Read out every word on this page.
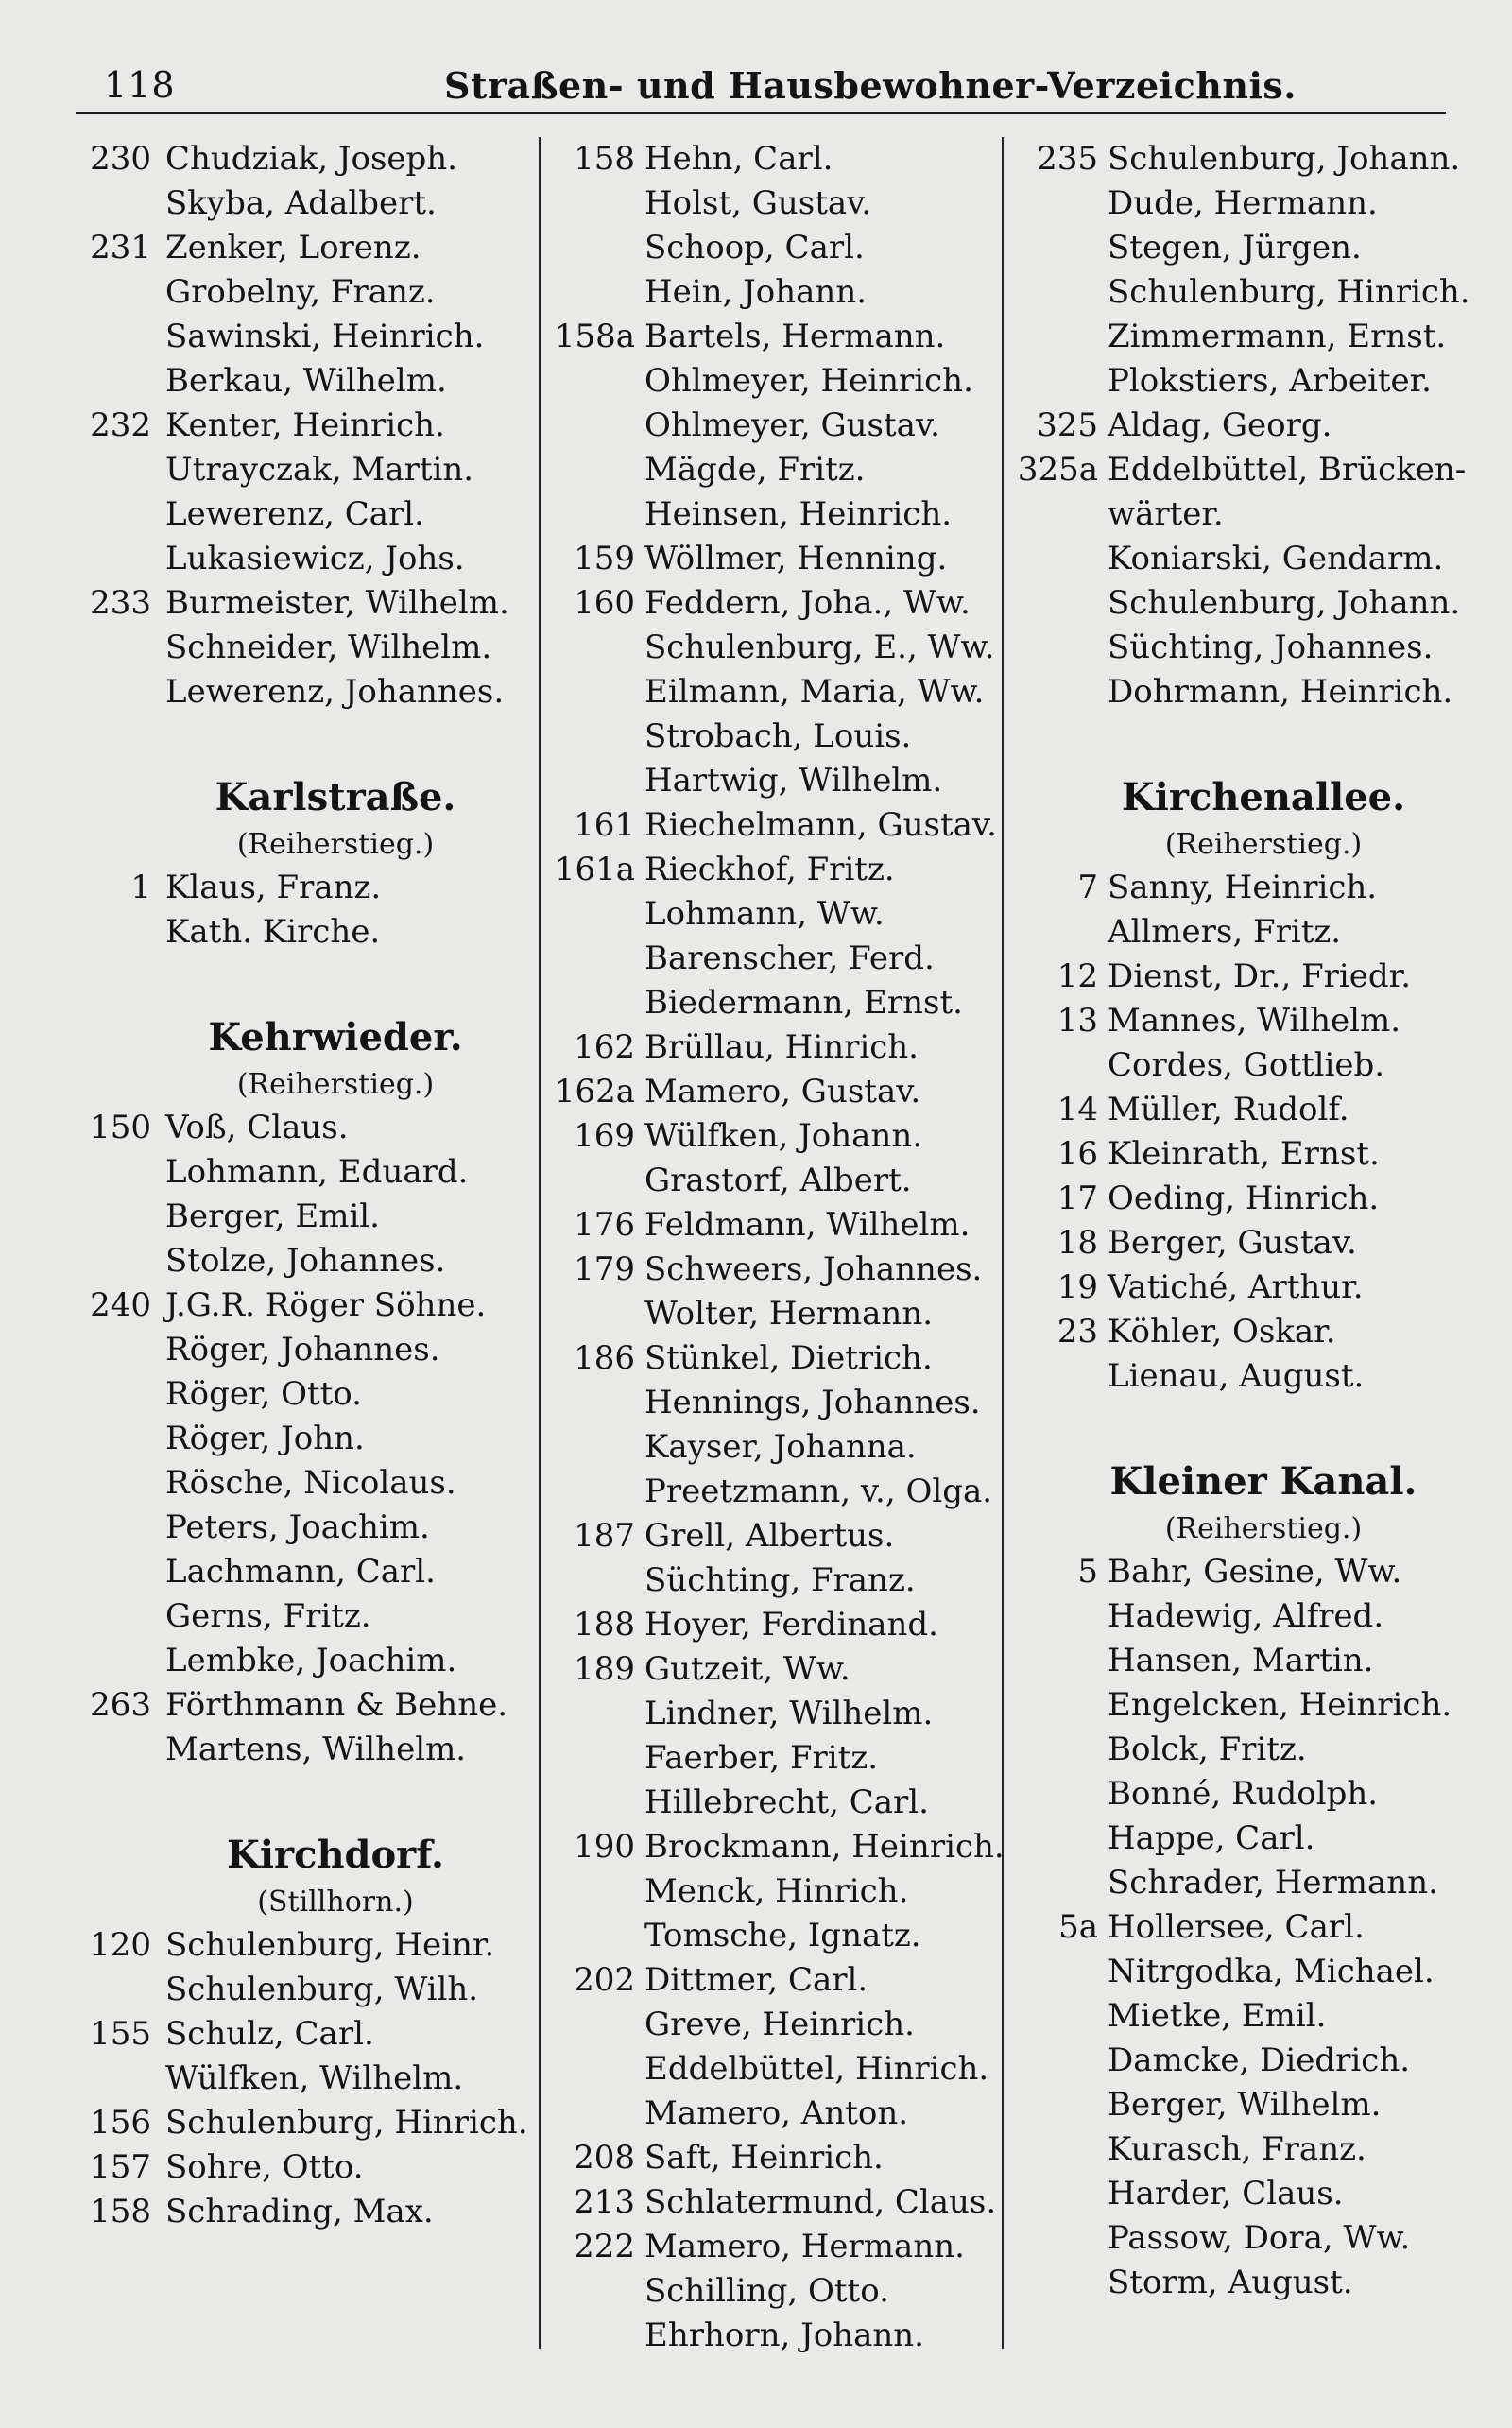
118	Straßen- und Hausbewohner-Verzeichnis.
230 Chudziak, Joseph.
Skyba, Adalbert.
231 Zenker, Lorenz.
Grobelny, Franz.
Sawinski, Heinrich.
Berkau, Wilhelm.
232 Kenter, Heinrich.
Utrayczak, Martin.
Lewerenz, Carl.
Lukasiewicz, Johs.
233 Burmeister, Wilhelm.
Schneider, Wilhelm.
Lewerenz, Johannes.
Karlstraße.
(Reiherstieg.)
1 Klaus, Franz.
Kath. Kirche.
Kehrwieder.
(Reiherstieg.)
150 Voß, Claus.
Lohmann, Eduard.
Berger, Emil.
Stolze, Johannes.
240 J.G.R. Röger Söhne.
Röger, Johannes.
Röger, Otto.
Röger, John.
Rösche, Nicolaus.
Peters, Joachim.
Lachmann, Carl.
Gerns, Fritz.
Lembke, Joachim.
263 Förthmann & Behne.
Martens, Wilhelm.
Kirchdorf.
(Stillhorn.)
120 Schulenburg, Heinr.
Schulenburg, Wilh.
155 Schulz, Carl.
Wülfken, Wilhelm.
156 Schulenburg, Hinrich.
157 Sohre, Otto.
158 Schrading, Max.
158 Hehn, Carl.
Holst, Gustav.
Schoop, Carl.
Hein, Johann.
158a Bartels, Hermann.
Ohlmeyer, Heinrich.
Ohlmeyer, Gustav.
Mägde, Fritz.
Heinsen, Heinrich.
159 Wöllmer, Henning.
160 Feddern, Joha., Ww.
Schulenburg, E., Ww.
Eilmann, Maria, Ww.
Strobach, Louis.
Hartwig, Wilhelm.
161 Riechelmann, Gustav.
161a Rieckhof, Fritz.
Lohmann, Ww.
Barenscher, Ferd.
Biedermann, Ernst.
162 Brüllau, Hinrich.
162a Mamero, Gustav.
169 Wülfken, Johann.
Grastorf, Albert.
176 Feldmann, Wilhelm.
179 Schweers, Johannes.
Wolter, Hermann.
186 Stünkel, Dietrich.
Hennings, Johannes.
Kayser, Johanna.
Preetzmann, v., Olga.
187 Grell, Albertus.
Süchting, Franz.
188 Hoyer, Ferdinand.
189 Gutzeit, Ww.
Lindner, Wilhelm.
Faerber, Fritz.
Hillebrecht, Carl.
190 Brockmann, Heinrich.
Menck, Hinrich.
Tomsche, Ignatz.
202 Dittmer, Carl.
Greve, Heinrich.
Eddelbüttel, Hinrich.
Mamero, Anton.
208 Saft, Heinrich.
213 Schlatermund, Claus.
222 Mamero, Hermann.
Schilling, Otto.
Ehrhorn, Johann.
235 Schulenburg, Johann.
Dude, Hermann.
Stegen, Jürgen.
Schulenburg, Hinrich.
Zimmermann, Ernst.
Plokstiers, Arbeiter.
325 Aldag, Georg.
325a Eddelbüttel, Brücken-
wärter.
Koniarski, Gendarm.
Schulenburg, Johann.
Süchting, Johannes.
Dohrmann, Heinrich.
Kirchenallee.
(Reiherstieg.)
7 Sanny, Heinrich.
Allmers, Fritz.
12 Dienst, Dr., Friedr.
13 Mannes, Wilhelm.
Cordes, Gottlieb.
14 Müller, Rudolf.
16 Kleinrath, Ernst.
17 Oeding, Hinrich.
18 Berger, Gustav.
19 Vatiché, Arthur.
23 Köhler, Oskar.
Lienau, August.
Kleiner Kanal.
(Reiherstieg.)
5 Bahr, Gesine, Ww.
Hadewig, Alfred.
Hansen, Martin.
Engelcken, Heinrich.
Bolck, Fritz.
Bonné, Rudolph.
Happe, Carl.
Schrader, Hermann.
5a Hollersee, Carl.
Nitrgodka, Michael.
Mietke, Emil.
Damcke, Diedrich.
Berger, Wilhelm.
Kurasch, Franz.
Harder, Claus.
Passow, Dora, Ww.
Storm, August.
